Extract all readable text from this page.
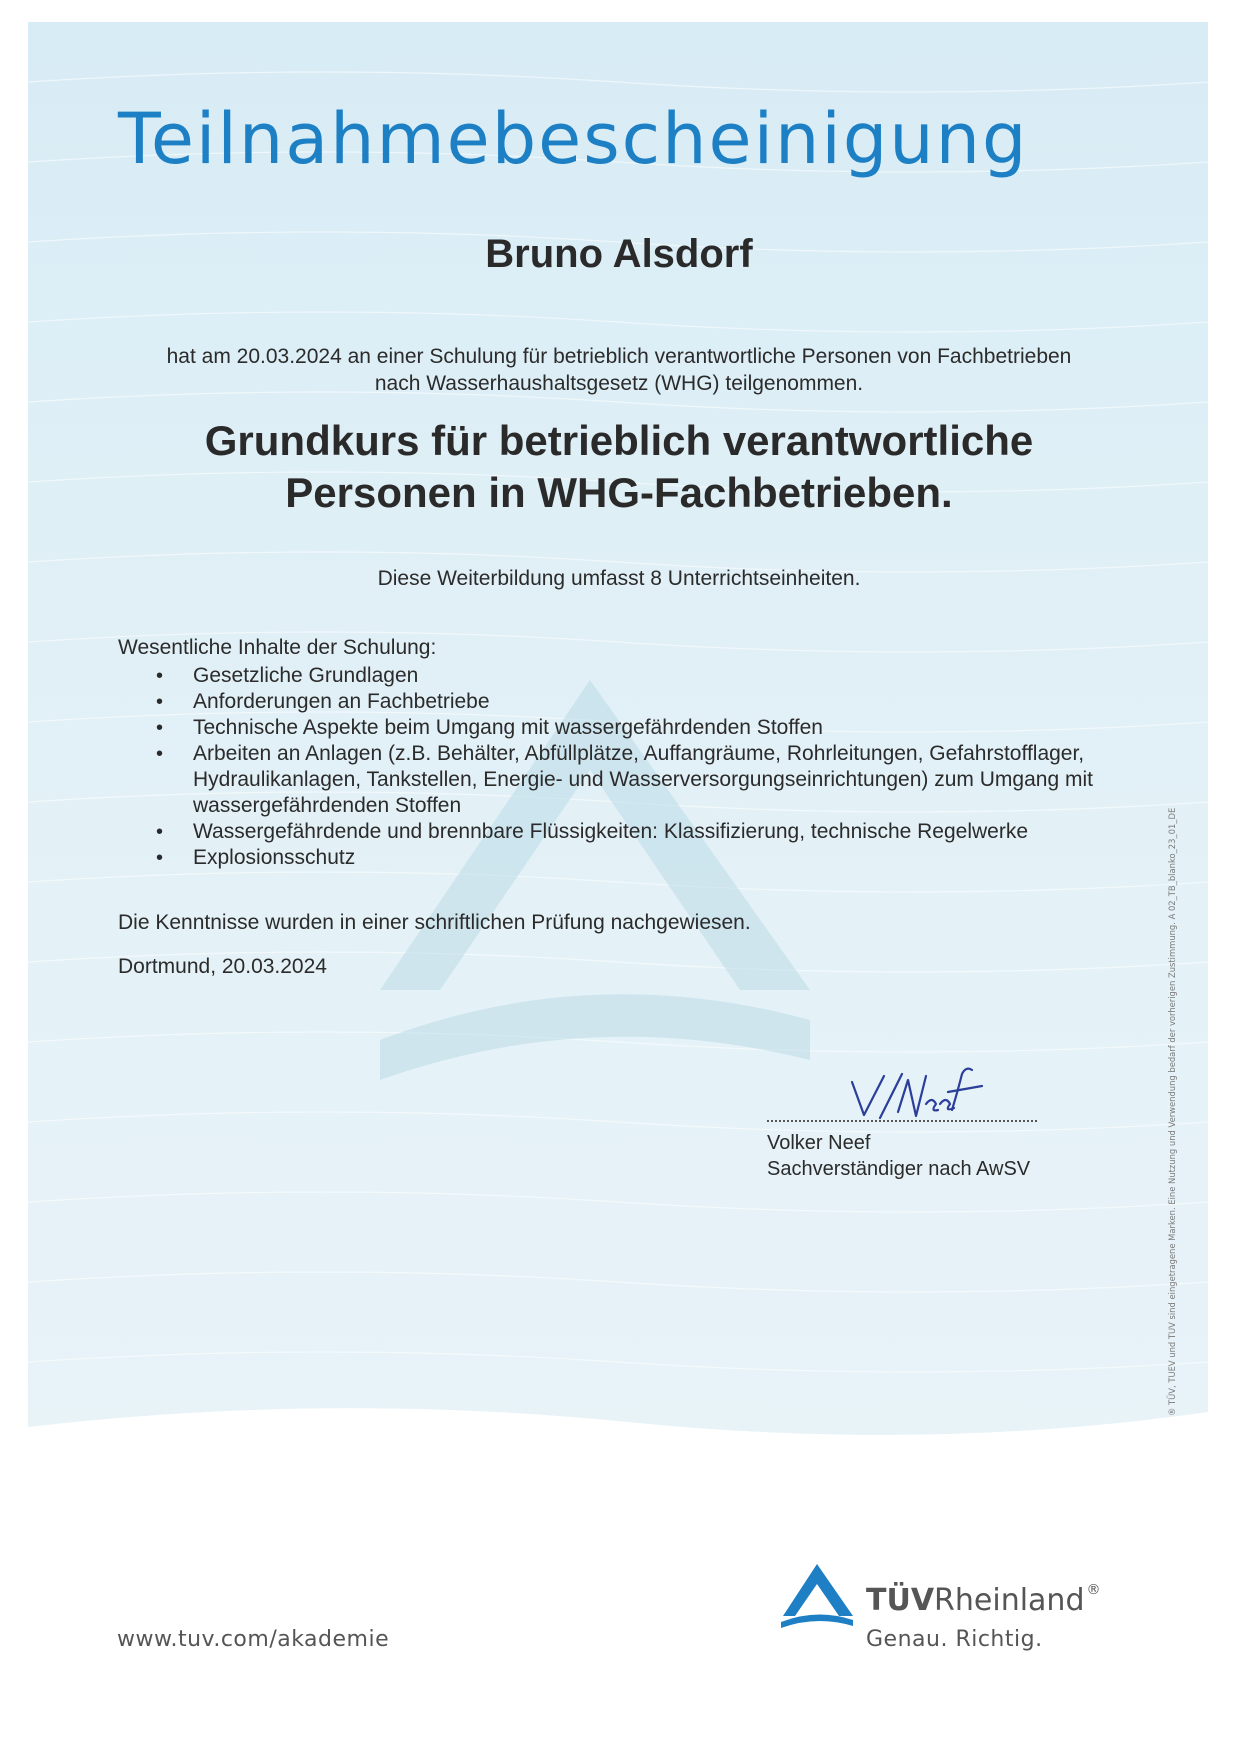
Teilnahmebescheinigung
Bruno Alsdorf
hat am 20.03.2024 an einer Schulung für betrieblich verantwortliche Personen von Fachbetrieben
nach Wasserhaushaltsgesetz (WHG) teilgenommen.
Grundkurs für betrieblich verantwortliche
Personen in WHG-Fachbetrieben.

Diese Weiterbildung umfasst 8 Unterrichtseinheiten.

Wesentliche Inhalte der Schulung:

• Gesetzliche Grundlagen
• Anforderungen an Fachbetriebe
• Technische Aspekte beim Umgang mit wassergefährdenden Stoffen
• Arbeiten an Anlagen (z.B. Behälter, Abfüllplätze, Auffangräume, Rohrleitungen, Gefahrstofflager, Hydraulikanlagen, Tankstellen, Energie- und Wasserversorgungseinrichtungen) zum Umgang mit wassergefährdenden Stoffen
• Wassergefährdende und brennbare Flüssigkeiten: Klassifizierung, technische Regelwerke
• Explosionsschutz

Die Kenntnisse wurden in einer schriftlichen Prüfung nachgewiesen.

Dortmund, 20.03.2024

Volker Neef
Sachverständiger nach AwSV	® TÜV, TUEV und TUV sind eingetragene Marken. Eine Nutzung und Verwendung bedarf der vorherigen Zustimmung. A 02_TB_blanko_23_01_DE

www.tuv.com/akademie

TÜVRheinland ®
Genau. Richtig.
